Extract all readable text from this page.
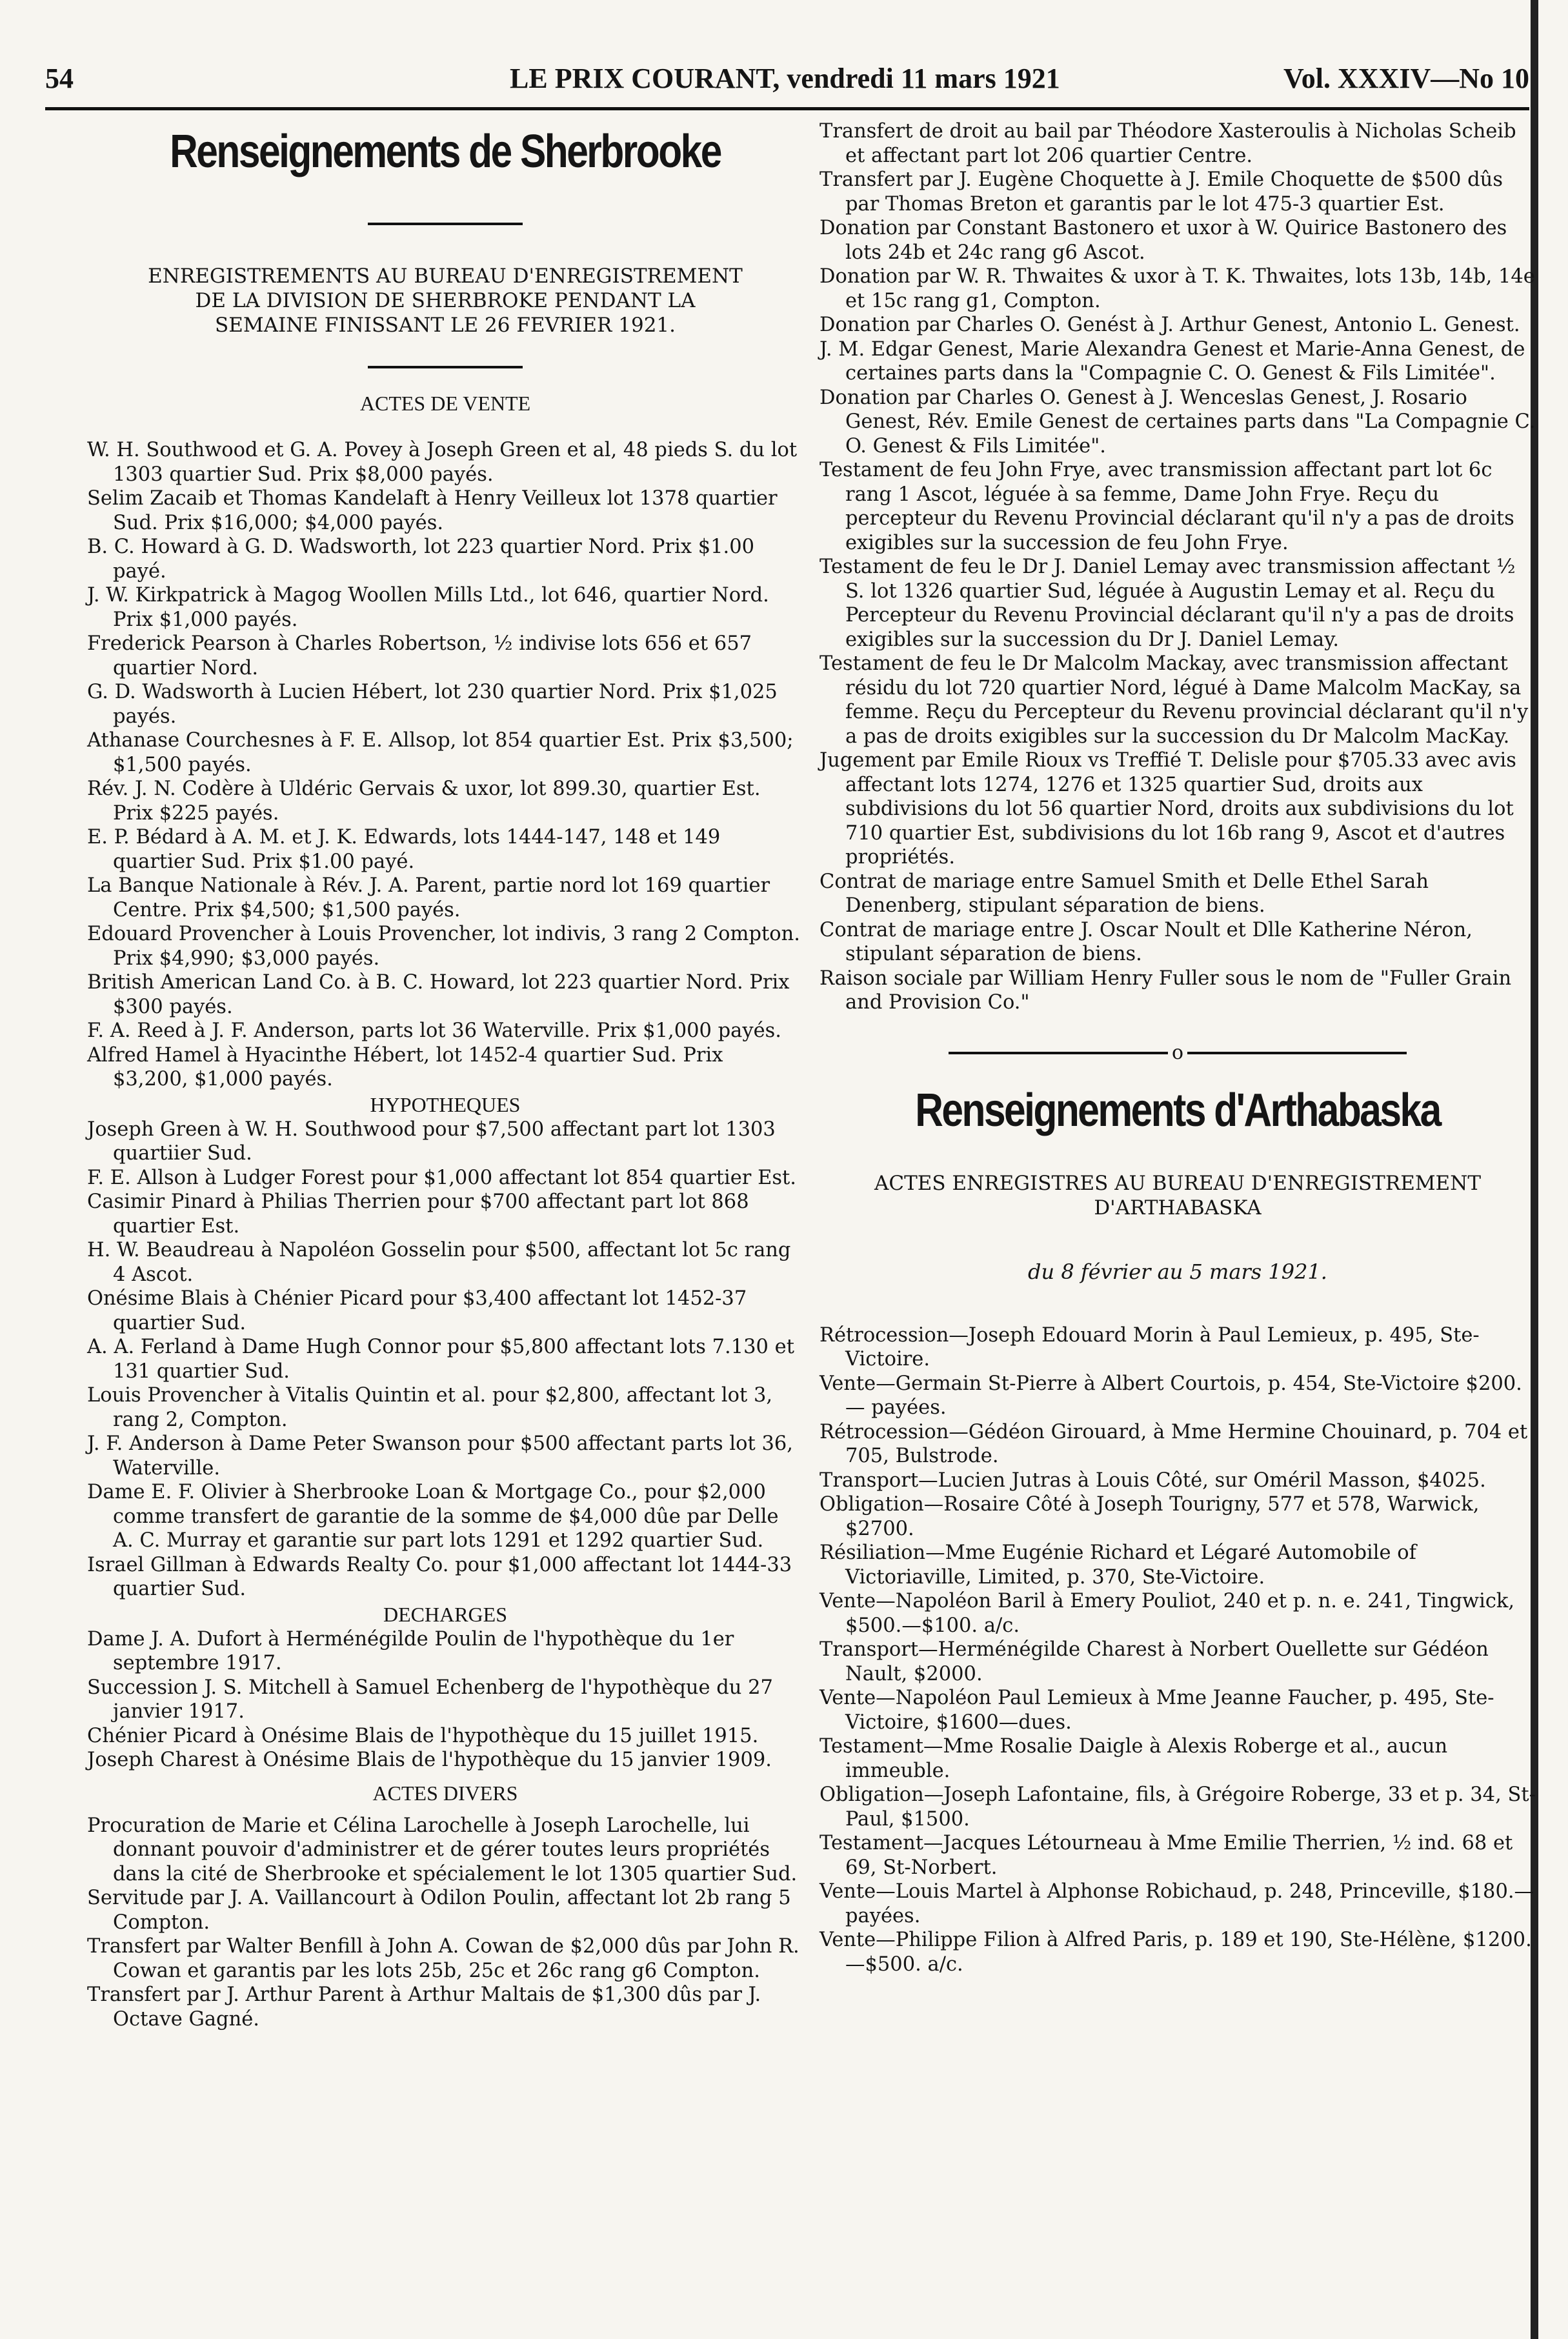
54	LE PRIX COURANT, vendredi 11 mars 1921	Vol. XXXIV—No 10
Renseignements de Sherbrooke
ENREGISTREMENTS AU BUREAU D'ENREGISTREMENT
DE LA DIVISION DE SHERBROKE PENDANT LA
SEMAINE FINISSANT LE 26 FEVRIER 1921.
ACTES DE VENTE
W. H. Southwood et G. A. Povey à Joseph Green et al, 48 pieds S. du lot 1303 quartier Sud. Prix $8,000 payés.
Selim Zacaib et Thomas Kandelaft à Henry Veilleux lot 1378 quartier Sud. Prix $16,000; $4,000 payés.
B. C. Howard à G. D. Wadsworth, lot 223 quartier Nord. Prix $1.00 payé.
J. W. Kirkpatrick à Magog Woollen Mills Ltd., lot 646, quartier Nord. Prix $1,000 payés.
Frederick Pearson à Charles Robertson, ½ indivise lots 656 et 657 quartier Nord.
G. D. Wadsworth à Lucien Hébert, lot 230 quartier Nord. Prix $1,025 payés.
Athanase Courchesnes à F. E. Allsop, lot 854 quartier Est. Prix $3,500; $1,500 payés.
Rév. J. N. Codère à Uldéric Gervais & uxor, lot 899.30, quartier Est. Prix $225 payés.
E. P. Bédard à A. M. et J. K. Edwards, lots 1444-147, 148 et 149 quartier Sud. Prix $1.00 payé.
La Banque Nationale à Rév. J. A. Parent, partie nord lot 169 quartier Centre. Prix $4,500; $1,500 payés.
Edouard Provencher à Louis Provencher, lot indivis, 3 rang 2 Compton. Prix $4,990; $3,000 payés.
British American Land Co. à B. C. Howard, lot 223 quartier Nord. Prix $300 payés.
F. A. Reed à J. F. Anderson, parts lot 36 Waterville. Prix $1,000 payés.
Alfred Hamel à Hyacinthe Hébert, lot 1452-4 quartier Sud. Prix $3,200, $1,000 payés.
HYPOTHEQUES
Joseph Green à W. H. Southwood pour $7,500 affectant part lot 1303 quartiier Sud.
F. E. Allson à Ludger Forest pour $1,000 affectant lot 854 quartier Est.
Casimir Pinard à Philias Therrien pour $700 affectant part lot 868 quartier Est.
H. W. Beaudreau à Napoléon Gosselin pour $500, affectant lot 5c rang 4 Ascot.
Onésime Blais à Chénier Picard pour $3,400 affectant lot 1452-37 quartier Sud.
A. A. Ferland à Dame Hugh Connor pour $5,800 affectant lots 7.130 et 131 quartier Sud.
Louis Provencher à Vitalis Quintin et al. pour $2,800, affectant lot 3, rang 2, Compton.
J. F. Anderson à Dame Peter Swanson pour $500 affectant parts lot 36, Waterville.
Dame E. F. Olivier à Sherbrooke Loan & Mortgage Co., pour $2,000 comme transfert de garantie de la somme de $4,000 dûe par Delle A. C. Murray et garantie sur part lots 1291 et 1292 quartier Sud.
Israel Gillman à Edwards Realty Co. pour $1,000 affectant lot 1444-33 quartier Sud.
DECHARGES
Dame J. A. Dufort à Herménégilde Poulin de l'hypothèque du 1er septembre 1917.
Succession J. S. Mitchell à Samuel Echenberg de l'hypothèque du 27 janvier 1917.
Chénier Picard à Onésime Blais de l'hypothèque du 15 juillet 1915.
Joseph Charest à Onésime Blais de l'hypothèque du 15 janvier 1909.
ACTES DIVERS
Procuration de Marie et Célina Larochelle à Joseph Larochelle, lui donnant pouvoir d'administrer et de gérer toutes leurs propriétés dans la cité de Sherbrooke et spécialement le lot 1305 quartier Sud.
Servitude par J. A. Vaillancourt à Odilon Poulin, affectant lot 2b rang 5 Compton.
Transfert par Walter Benfill à John A. Cowan de $2,000 dûs par John R. Cowan et garantis par les lots 25b, 25c et 26c rang g6 Compton.
Transfert par J. Arthur Parent à Arthur Maltais de $1,300 dûs par J. Octave Gagné.
Transfert de droit au bail par Théodore Xasteroulis à Nicholas Scheib et affectant part lot 206 quartier Centre.
Transfert par J. Eugène Choquette à J. Emile Choquette de $500 dûs par Thomas Breton et garantis par le lot 475-3 quartier Est.
Donation par Constant Bastonero et uxor à W. Quirice Bastonero des lots 24b et 24c rang g6 Ascot.
Donation par W. R. Thwaites & uxor à T. K. Thwaites, lots 13b, 14b, 14e et 15c rang g1, Compton.
Donation par Charles O. Genést à J. Arthur Genest, Antonio L. Genest.
J. M. Edgar Genest, Marie Alexandra Genest et Marie-Anna Genest, de certaines parts dans la "Compagnie C. O. Genest & Fils Limitée".
Donation par Charles O. Genest à J. Wenceslas Genest, J. Rosario Genest, Rév. Emile Genest de certaines parts dans "La Compagnie C. O. Genest & Fils Limitée".
Testament de feu John Frye, avec transmission affectant part lot 6c rang 1 Ascot, léguée à sa femme, Dame John Frye. Reçu du percepteur du Revenu Provincial déclarant qu'il n'y a pas de droits exigibles sur la succession de feu John Frye.
Testament de feu le Dr J. Daniel Lemay avec transmission affectant ½ S. lot 1326 quartier Sud, léguée à Augustin Lemay et al. Reçu du Percepteur du Revenu Provincial déclarant qu'il n'y a pas de droits exigibles sur la succession du Dr J. Daniel Lemay.
Testament de feu le Dr Malcolm Mackay, avec transmission affectant résidu du lot 720 quartier Nord, légué à Dame Malcolm MacKay, sa femme. Reçu du Percepteur du Revenu provincial déclarant qu'il n'y a pas de droits exigibles sur la succession du Dr Malcolm MacKay.
Jugement par Emile Rioux vs Treffié T. Delisle pour $705.33 avec avis affectant lots 1274, 1276 et 1325 quartier Sud, droits aux subdivisions du lot 56 quartier Nord, droits aux subdivisions du lot 710 quartier Est, subdivisions du lot 16b rang 9, Ascot et d'autres propriétés.
Contrat de mariage entre Samuel Smith et Delle Ethel Sarah Denenberg, stipulant séparation de biens.
Contrat de mariage entre J. Oscar Noult et Dlle Katherine Néron, stipulant séparation de biens.
Raison sociale par William Henry Fuller sous le nom de "Fuller Grain and Provision Co."
o
Renseignements d'Arthabaska
ACTES ENREGISTRES AU BUREAU D'ENREGISTREMENT
D'ARTHABASKA
du 8 février au 5 mars 1921.
Rétrocession—Joseph Edouard Morin à Paul Lemieux, p. 495, Ste-Victoire.
Vente—Germain St-Pierre à Albert Courtois, p. 454, Ste-Victoire $200. — payées.
Rétrocession—Gédéon Girouard, à Mme Hermine Chouinard, p. 704 et 705, Bulstrode.
Transport—Lucien Jutras à Louis Côté, sur Oméril Masson, $4025.
Obligation—Rosaire Côté à Joseph Tourigny, 577 et 578, Warwick, $2700.
Résiliation—Mme Eugénie Richard et Légaré Automobile of Victoriaville, Limited, p. 370, Ste-Victoire.
Vente—Napoléon Baril à Emery Pouliot, 240 et p. n. e. 241, Tingwick, $500.—$100. a/c.
Transport—Herménégilde Charest à Norbert Ouellette sur Gédéon Nault, $2000.
Vente—Napoléon Paul Lemieux à Mme Jeanne Faucher, p. 495, Ste-Victoire, $1600—dues.
Testament—Mme Rosalie Daigle à Alexis Roberge et al., aucun immeuble.
Obligation—Joseph Lafontaine, fils, à Grégoire Roberge, 33 et p. 34, St-Paul, $1500.
Testament—Jacques Létourneau à Mme Emilie Therrien, ½ ind. 68 et 69, St-Norbert.
Vente—Louis Martel à Alphonse Robichaud, p. 248, Princeville, $180.—payées.
Vente—Philippe Filion à Alfred Paris, p. 189 et 190, Ste-Hélène, $1200.—$500. a/c.
